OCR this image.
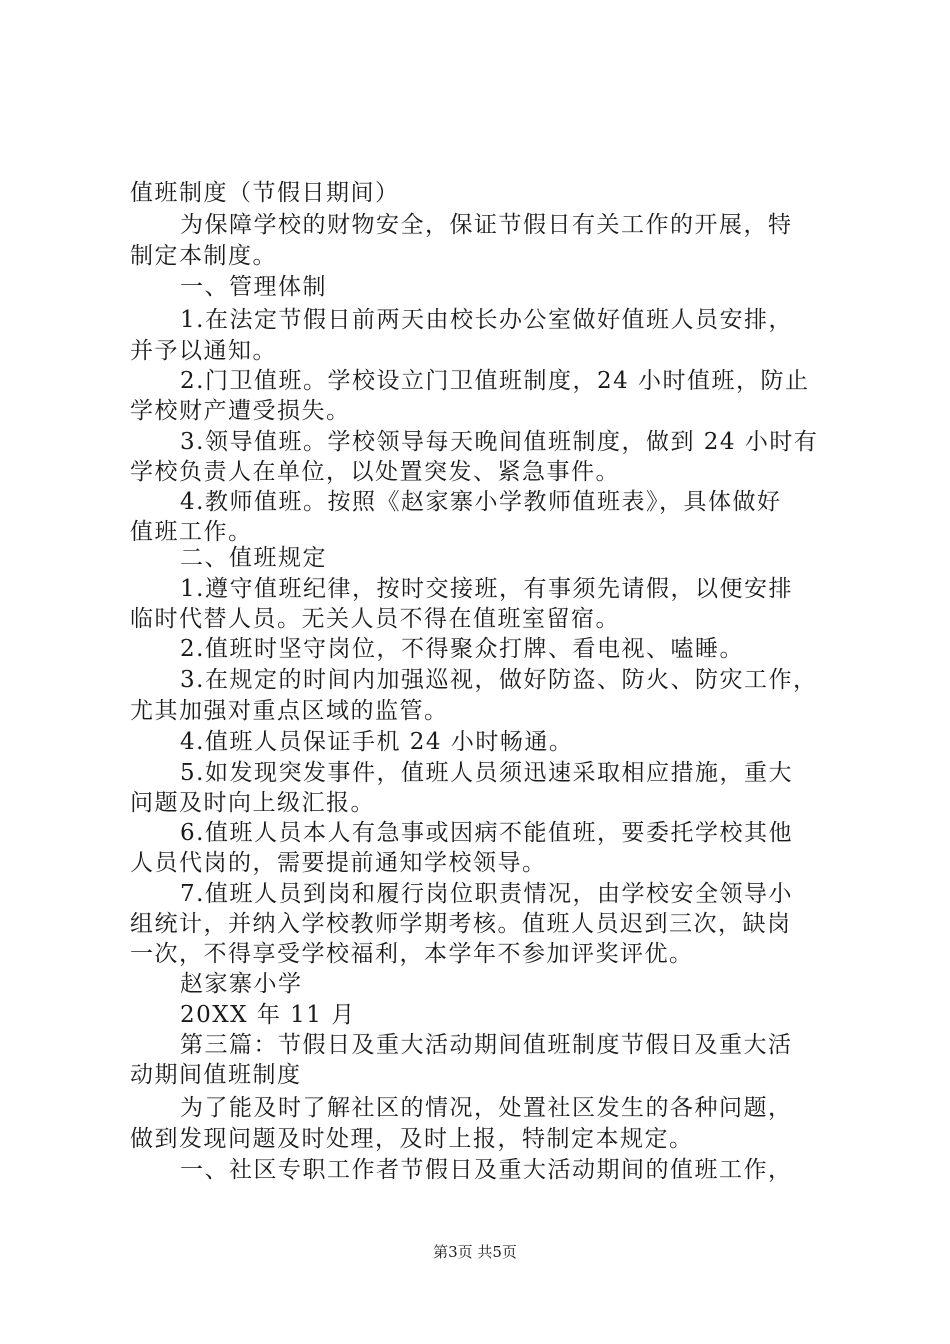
值班制度（节假日期间）
为保障学校的财物安全，保证节假日有关工作的开展，特
制定本制度。
一、管理体制
1.在法定节假日前两天由校长办公室做好值班人员安排，
并予以通知。
2.门卫值班。学校设立门卫值班制度，24 小时值班，防止
学校财产遭受损失。
3.领导值班。学校领导每天晚间值班制度，做到 24 小时有
学校负责人在单位，以处置突发、紧急事件。
4.教师值班。按照《赵家寨小学教师值班表》，具体做好
值班工作。
二、值班规定
1.遵守值班纪律，按时交接班，有事须先请假，以便安排
临时代替人员。无关人员不得在值班室留宿。
2.值班时坚守岗位，不得聚众打牌、看电视、嗑睡。
3.在规定的时间内加强巡视，做好防盗、防火、防灾工作，
尤其加强对重点区域的监管。
4.值班人员保证手机 24 小时畅通。
5.如发现突发事件，值班人员须迅速采取相应措施，重大
问题及时向上级汇报。
6.值班人员本人有急事或因病不能值班，要委托学校其他
人员代岗的，需要提前通知学校领导。
7.值班人员到岗和履行岗位职责情况，由学校安全领导小
组统计，并纳入学校教师学期考核。值班人员迟到三次，缺岗
一次，不得享受学校福利，本学年不参加评奖评优。
赵家寨小学
20XX 年 11 月
第三篇：节假日及重大活动期间值班制度节假日及重大活
动期间值班制度
为了能及时了解社区的情况，处置社区发生的各种问题，
做到发现问题及时处理，及时上报，特制定本规定。
一、社区专职工作者节假日及重大活动期间的值班工作，
第3页 共5页
